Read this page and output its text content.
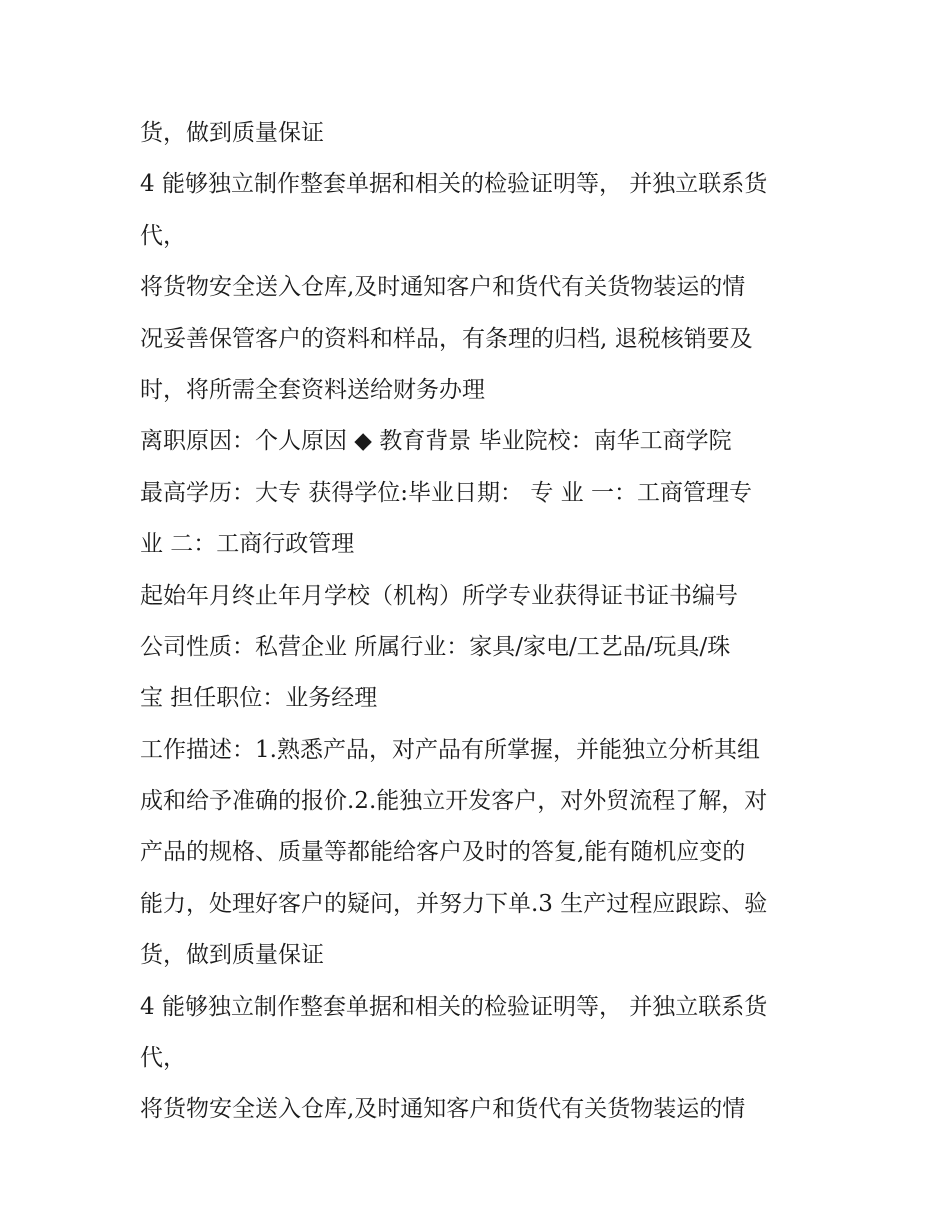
货，做到质量保证
4 能够独立制作整套单据和相关的检验证明等， 并独立联系货
代，
将货物安全送入仓库,及时通知客户和货代有关货物装运的情
况妥善保管客户的资料和样品，有条理的归档, 退税核销要及
时，将所需全套资料送给财务办理
离职原因：个人原因 ◆ 教育背景 毕业院校：南华工商学院
最高学历：大专 获得学位:毕业日期： 专 业 一：工商管理专
业 二：工商行政管理
起始年月终止年月学校（机构）所学专业获得证书证书编号
公司性质：私营企业 所属行业：家具/家电/工艺品/玩具/珠
宝 担任职位：业务经理
工作描述：1.熟悉产品，对产品有所掌握，并能独立分析其组
成和给予准确的报价.2.能独立开发客户，对外贸流程了解，对
产品的规格、质量等都能给客户及时的答复,能有随机应变的
能力，处理好客户的疑问，并努力下单.3 生产过程应跟踪、验
货，做到质量保证
4 能够独立制作整套单据和相关的检验证明等， 并独立联系货
代，
将货物安全送入仓库,及时通知客户和货代有关货物装运的情
